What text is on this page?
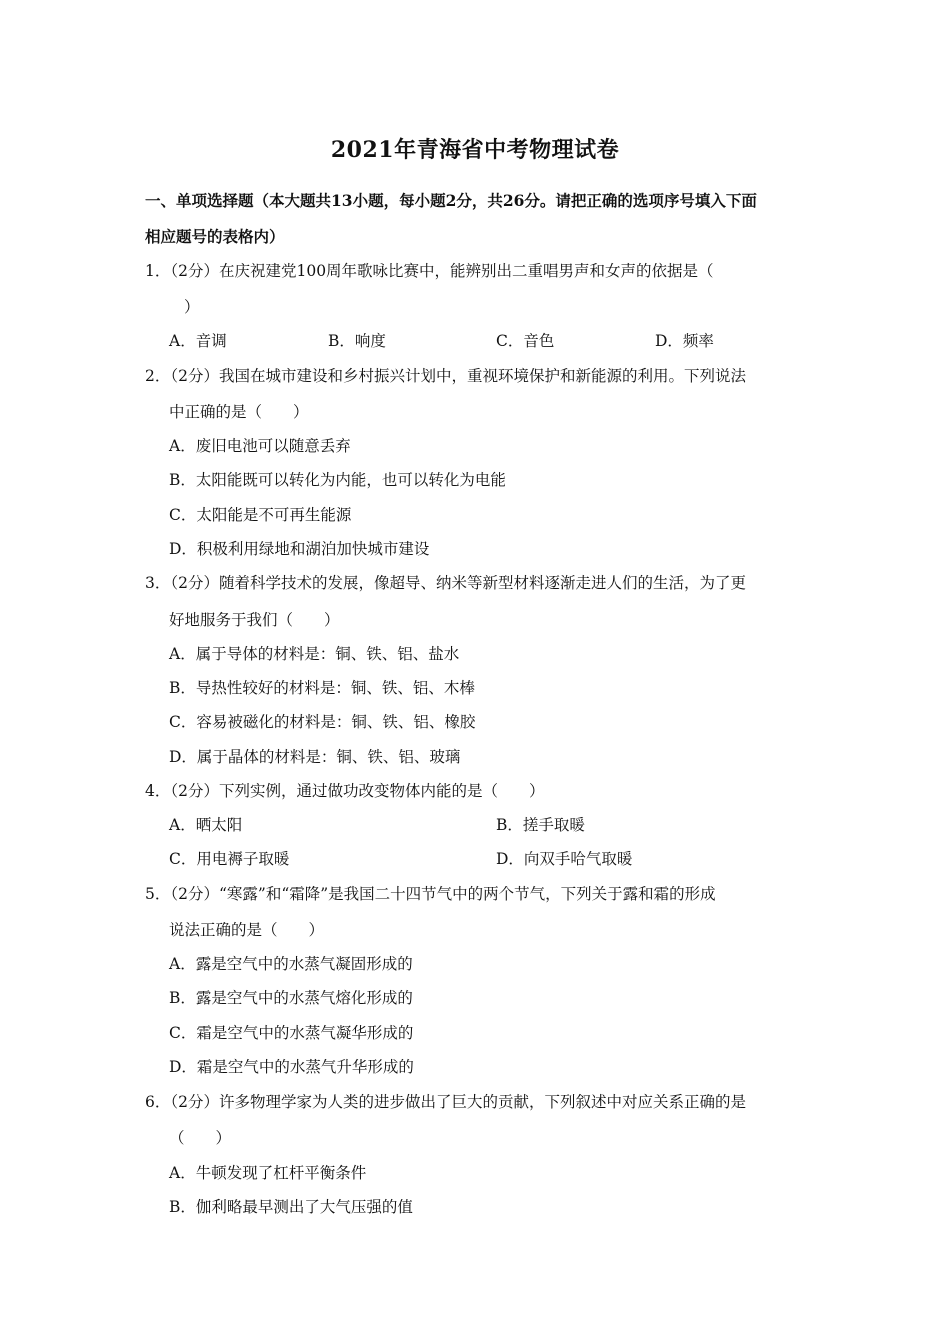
2021年青海省中考物理试卷
一、单项选择题（本大题共13小题，每小题2分，共26分。请把正确的选项序号填入下面
相应题号的表格内）
1．（2分）在庆祝建党100周年歌咏比赛中，能辨别出二重唱男声和女声的依据是（
）
A．音调	B．响度	C．音色	D．频率
2．（2分）我国在城市建设和乡村振兴计划中，重视环境保护和新能源的利用。下列说法
中正确的是（　　）
A．废旧电池可以随意丢弃
B．太阳能既可以转化为内能，也可以转化为电能
C．太阳能是不可再生能源
D．积极利用绿地和湖泊加快城市建设
3．（2分）随着科学技术的发展，像超导、纳米等新型材料逐渐走进人们的生活，为了更
好地服务于我们（　　）
A．属于导体的材料是：铜、铁、铝、盐水
B．导热性较好的材料是：铜、铁、铝、木棒
C．容易被磁化的材料是：铜、铁、铝、橡胶
D．属于晶体的材料是：铜、铁、铝、玻璃
4．（2分）下列实例，通过做功改变物体内能的是（　　）
A．晒太阳	B．搓手取暖
C．用电褥子取暖	D．向双手哈气取暖
5．（2分）“寒露”和“霜降”是我国二十四节气中的两个节气，下列关于露和霜的形成
说法正确的是（　　）
A．露是空气中的水蒸气凝固形成的
B．露是空气中的水蒸气熔化形成的
C．霜是空气中的水蒸气凝华形成的
D．霜是空气中的水蒸气升华形成的
6．（2分）许多物理学家为人类的进步做出了巨大的贡献，下列叙述中对应关系正确的是
（　　）
A．牛顿发现了杠杆平衡条件
B．伽利略最早测出了大气压强的值
